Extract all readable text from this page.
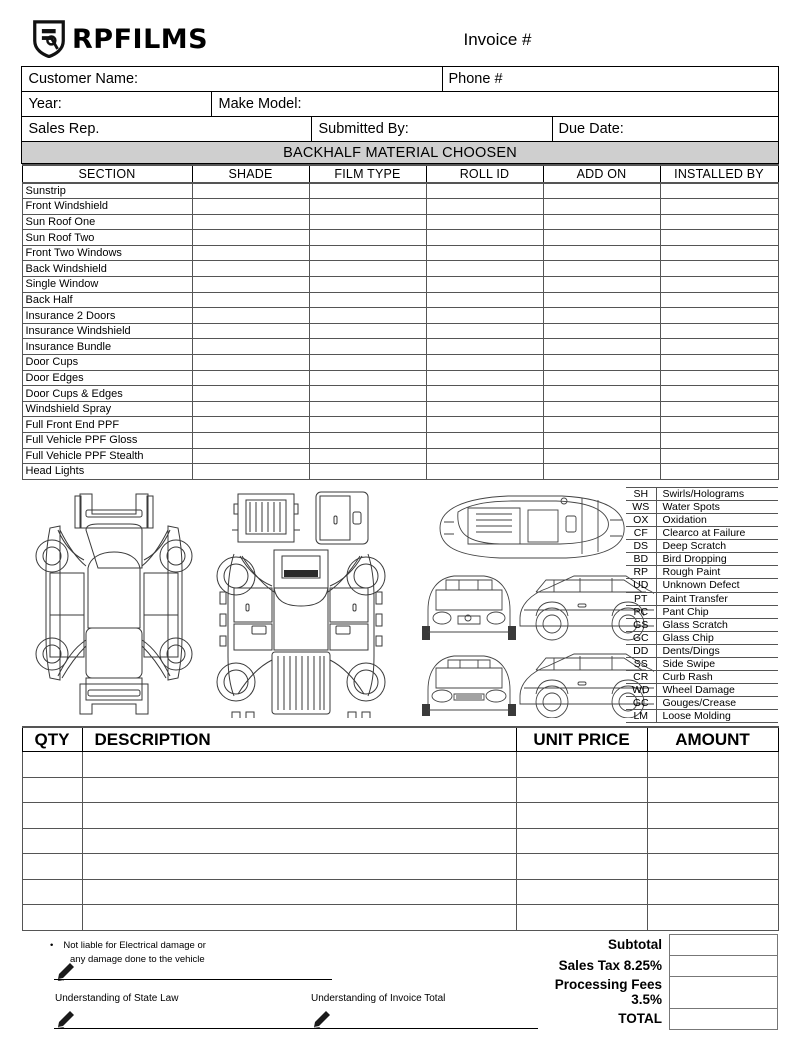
RPFILMS	Invoice #
Customer Name:			Phone #	
Year:	Make Model:			
Sales Rep.		Submitted By:		Due Date:
BACKHALF MATERIAL CHOOSEN				
SECTION	SHADE	FILM TYPE	ROLL ID	ADD ON	INSTALLED BY
Sunstrip					
Front Windshield					
Sun Roof One					
Sun Roof Two					
Front Two Windows					
Back Windshield					
Single Window					
Back Half					
Insurance 2 Doors					
Insurance Windshield					
Insurance Bundle					
Door Cups					
Door Edges					
Door Cups & Edges					
Windshield Spray					
Full Front End PPF					
Full Vehicle PPF Gloss					
Full Vehicle PPF Stealth					
Head Lights					
SH	Swirls/Holograms
WS	Water Spots
OX	Oxidation
CF	Clearco at Failure
DS	Deep Scratch
BD	Bird Dropping
RP	Rough Paint
UD	Unknown Defect
PT	Paint Transfer
PC	Pant Chip
GS	Glass Scratch
GC	Glass Chip
DD	Dents/Dings
SS	Side Swipe
CR	Curb Rash
WD	Wheel Damage
GC	Gouges/Crease
LM	Loose Molding
QTY	DESCRIPTION	UNIT PRICE	AMOUNT

• Not liable for Electrical damage or
any damage done to the vehicle
Understanding of State Law	Understanding of Invoice Total
Subtotal	
Sales Tax 8.25%	
Processing Fees 3.5%	
TOTAL	
